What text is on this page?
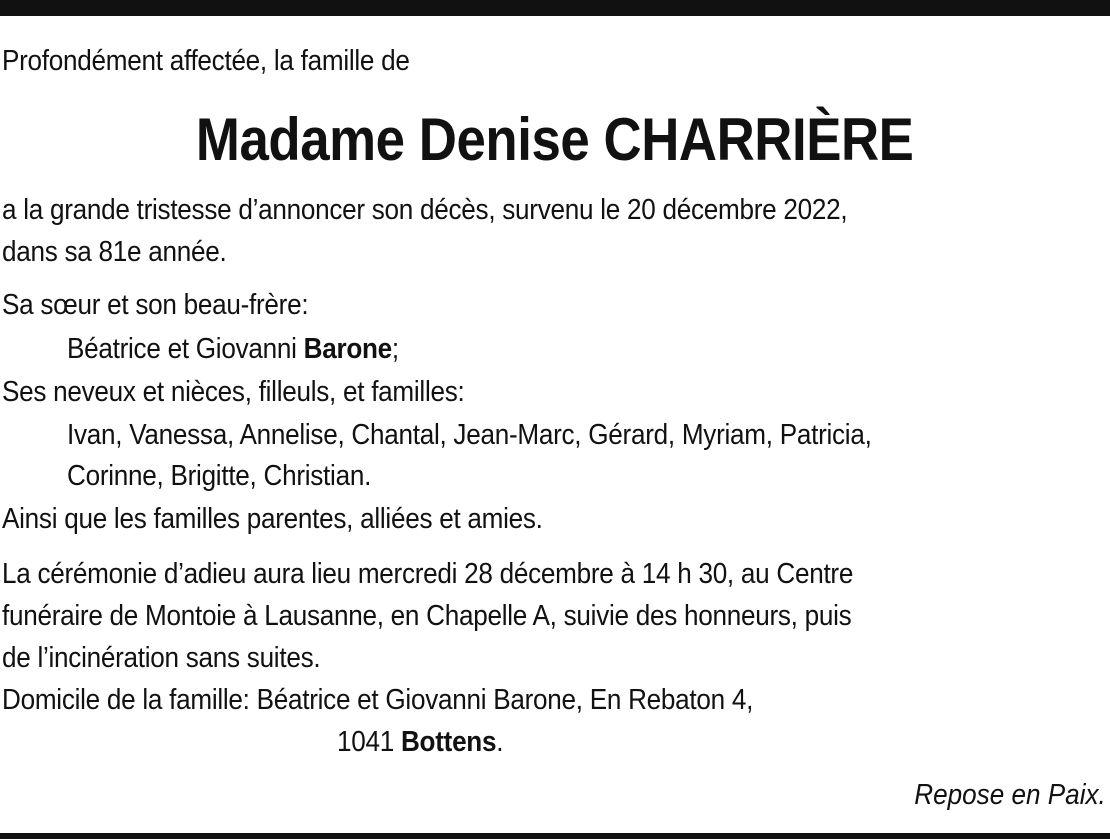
Profondément affectée, la famille de
Madame Denise CHARRIÈRE
a la grande tristesse d’annoncer son décès, survenu le 20 décembre 2022,
dans sa 81e année.
Sa sœur et son beau-frère:
Béatrice et Giovanni Barone;
Ses neveux et nièces, filleuls, et familles:
Ivan, Vanessa, Annelise, Chantal, Jean-Marc, Gérard, Myriam, Patricia,
Corinne, Brigitte, Christian.
Ainsi que les familles parentes, alliées et amies.
La cérémonie d’adieu aura lieu mercredi 28 décembre à 14 h 30, au Centre
funéraire de Montoie à Lausanne, en Chapelle A, suivie des honneurs, puis
de l’incinération sans suites.
Domicile de la famille: Béatrice et Giovanni Barone, En Rebaton 4,
1041 Bottens.
Repose en Paix.
